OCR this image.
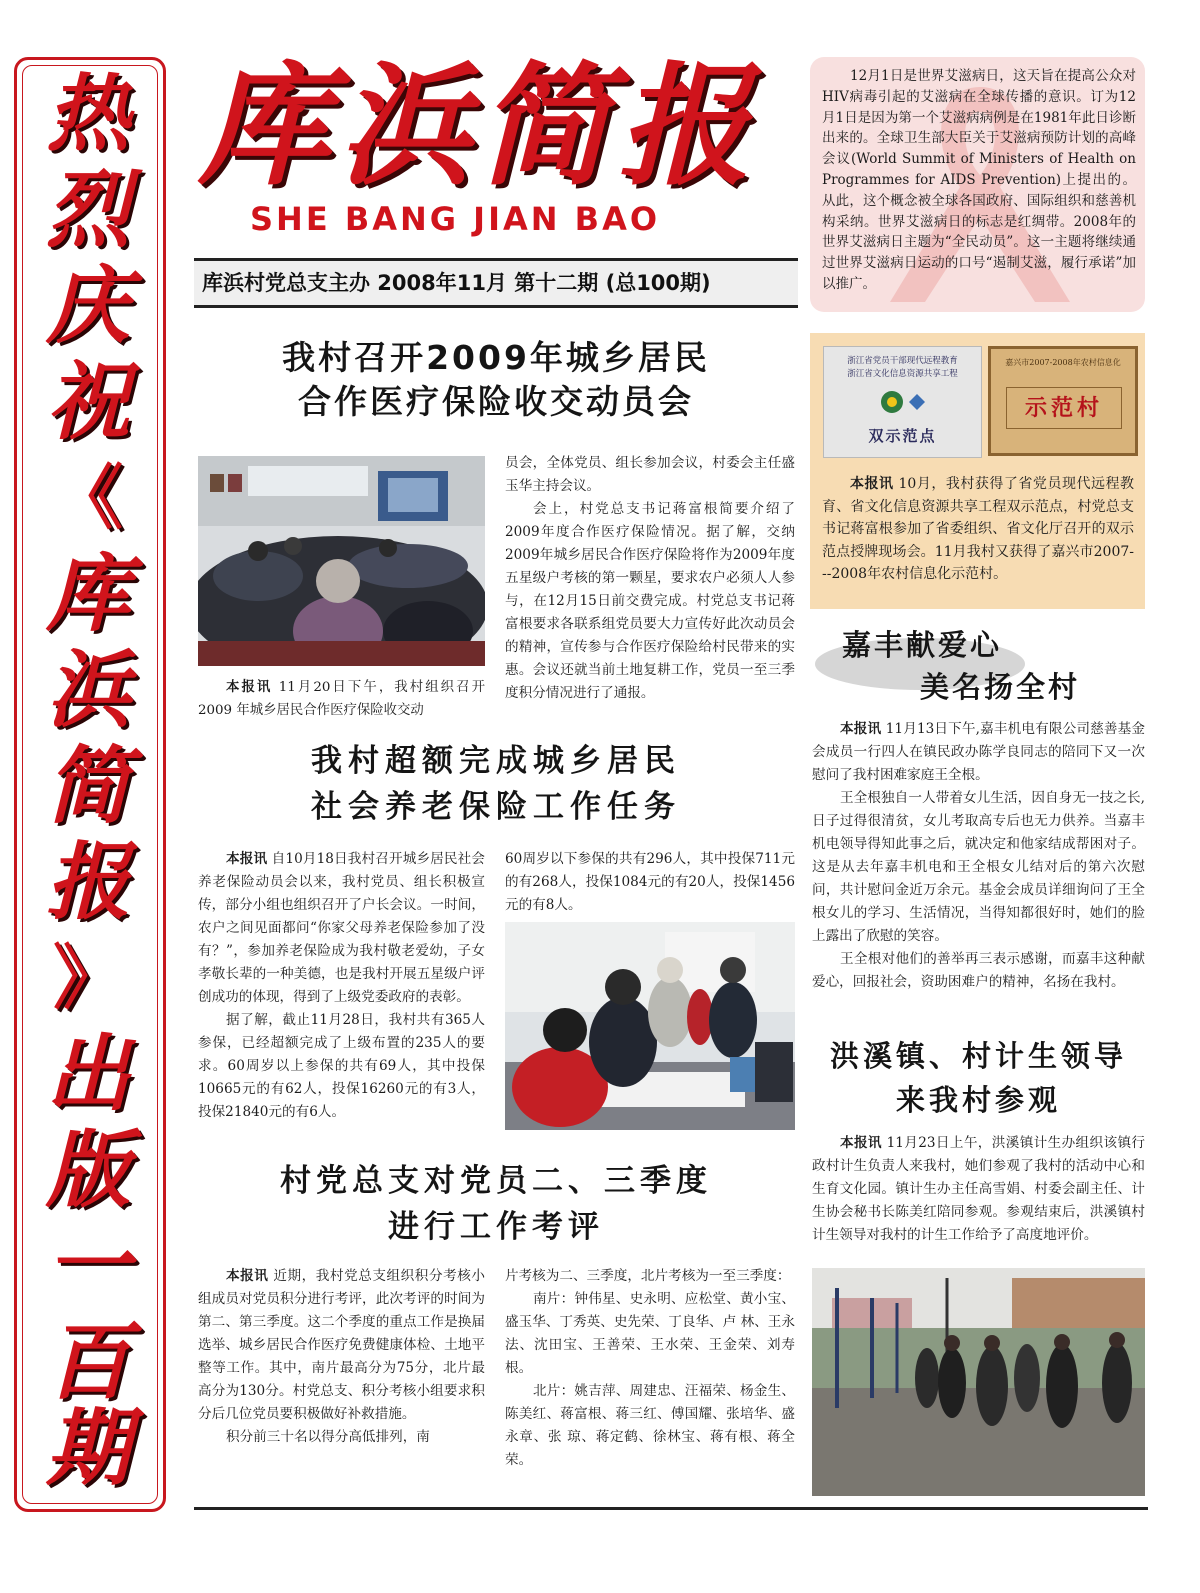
热
烈
庆
祝
《
库
浜
简
报
》
出
版
一
百
期
库浜简报
SHE BANG JIAN BAO
库浜村党总支主办 2008年11月 第十二期 (总100期)

12月1日是世界艾滋病日，这天旨在提高公众对HIV病毒引起的艾滋病在全球传播的意识。订为12月1日是因为第一个艾滋病病例是在1981年此日诊断出来的。全球卫生部大臣关于艾滋病预防计划的高峰会议(World Summit of Ministers of Health on Programmes for AIDS Prevention)上提出的。从此，这个概念被全球各国政府、国际组织和慈善机构采纳。世界艾滋病日的标志是红绸带。2008年的世界艾滋病日主题为“全民动员”。这一主题将继续通过世界艾滋病日运动的口号“遏制艾滋，履行承诺”加以推广。

我村召开2009年城乡居民
合作医疗保险收交动员会

本报讯 11月20日下午，我村组织召开 2009 年城乡居民合作医疗保险收交动

员会，全体党员、组长参加会议，村委会主任盛玉华主持会议。

会上，村党总支书记蒋富根简要介绍了2009年度合作医疗保险情况。据了解，交纳2009年城乡居民合作医疗保险将作为2009年度五星级户考核的第一颗星，要求农户必须人人参与，在12月15日前交费完成。村党总支书记蒋富根要求各联系组党员要大力宣传好此次动员会的精神，宣传参与合作医疗保险给村民带来的实惠。会议还就当前土地复耕工作，党员一至三季度积分情况进行了通报。

我村超额完成城乡居民
社会养老保险工作任务

本报讯 自10月18日我村召开城乡居民社会养老保险动员会以来，我村党员、组长积极宣传，部分小组也组织召开了户长会议。一时间，农户之间见面都问“你家父母养老保险参加了没有？”，参加养老保险成为我村敬老爱幼，子女孝敬长辈的一种美德，也是我村开展五星级户评创成功的体现，得到了上级党委政府的表彰。

据了解，截止11月28日，我村共有365人参保，已经超额完成了上级布置的235人的要求。60周岁以上参保的共有69人，其中投保10665元的有62人，投保16260元的有3人，投保21840元的有6人。

60周岁以下参保的共有296人，其中投保711元的有268人，投保1084元的有20人，投保1456元的有8人。

村党总支对党员二、三季度
进行工作考评

本报讯 近期，我村党总支组织积分考核小组成员对党员积分进行考评，此次考评的时间为第二、第三季度。这二个季度的重点工作是换届选举、城乡居民合作医疗免费健康体检、土地平整等工作。其中，南片最高分为75分，北片最高分为130分。村党总支、积分考核小组要求积分后几位党员要积极做好补救措施。

积分前三十名以得分高低排列，南

片考核为二、三季度，北片考核为一至三季度：

南片：钟伟星、史永明、应松堂、黄小宝、盛玉华、丁秀英、史先荣、丁良华、卢 林、王永法、沈田宝、王善荣、王水荣、王金荣、刘寿根。

北片：姚吉萍、周建忠、汪福荣、杨金生、陈美红、蒋富根、蒋三红、傅国耀、张培华、盛永章、张 琼、蒋定鹤、徐林宝、蒋有根、蒋全荣。

浙江省党员干部现代远程教育
浙江省文化信息资源共享工程
双示范点
嘉兴市2007-2008年农村信息化
示范村

本报讯 10月，我村获得了省党员现代远程教育、省文化信息资源共享工程双示范点，村党总支书记蒋富根参加了省委组织、省文化厅召开的双示范点授牌现场会。11月我村又获得了嘉兴市2007---2008年农村信息化示范村。

嘉丰献爱心
美名扬全村

本报讯 11月13日下午,嘉丰机电有限公司慈善基金会成员一行四人在镇民政办陈学良同志的陪同下又一次慰问了我村困难家庭王全根。

王全根独自一人带着女儿生活，因自身无一技之长,日子过得很清贫，女儿考取高专后也无力供养。当嘉丰机电领导得知此事之后，就决定和他家结成帮困对子。这是从去年嘉丰机电和王全根女儿结对后的第六次慰问，共计慰问金近万余元。基金会成员详细询问了王全根女儿的学习、生活情况，当得知都很好时，她们的脸上露出了欣慰的笑容。

王全根对他们的善举再三表示感谢，而嘉丰这种献爱心，回报社会，资助困难户的精神，名扬在我村。

洪溪镇、村计生领导
来我村参观

本报讯 11月23日上午，洪溪镇计生办组织该镇行政村计生负责人来我村，她们参观了我村的活动中心和生育文化园。镇计生办主任高雪娟、村委会副主任、计生协会秘书长陈美红陪同参观。参观结束后，洪溪镇村计生领导对我村的计生工作给予了高度地评价。
